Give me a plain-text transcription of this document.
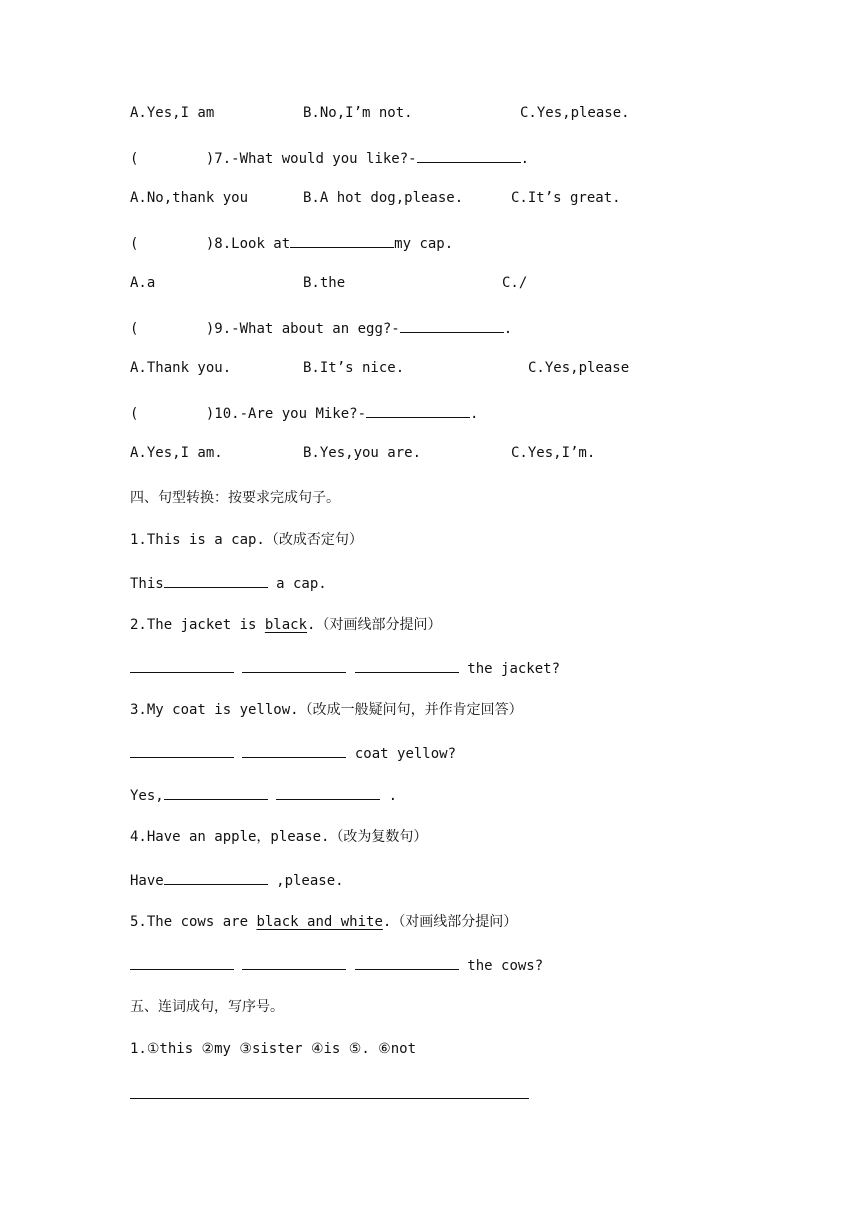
A.Yes,I am	B.No,I’m not.	C.Yes,please.
(        )7.-What would you like?-	.
A.No,thank you	B.A hot dog,please.	C.It’s great.
(        )8.Look at	my cap.
A.a	B.the	C./
(        )9.-What about an egg?-	.
A.Thank you.	B.It’s nice.	C.Yes,please
(        )10.-Are you Mike?-	.
A.Yes,I am.	B.Yes,you are.	C.Yes,I’m.
四、句型转换：按要求完成句子。
1.This is a cap.（改成否定句）
This	a cap.
2.The jacket is black.（对画线部分提问）
the jacket?
3.My coat is yellow.（改成一般疑问句，并作肯定回答）
coat yellow?
Yes,	.
4.Have an apple，please.（改为复数句）
Have	,please.
5.The cows are black and white.（对画线部分提问）
the cows?
五、连词成句，写序号。
1.①this ②my ③sister ④is ⑤. ⑥not
